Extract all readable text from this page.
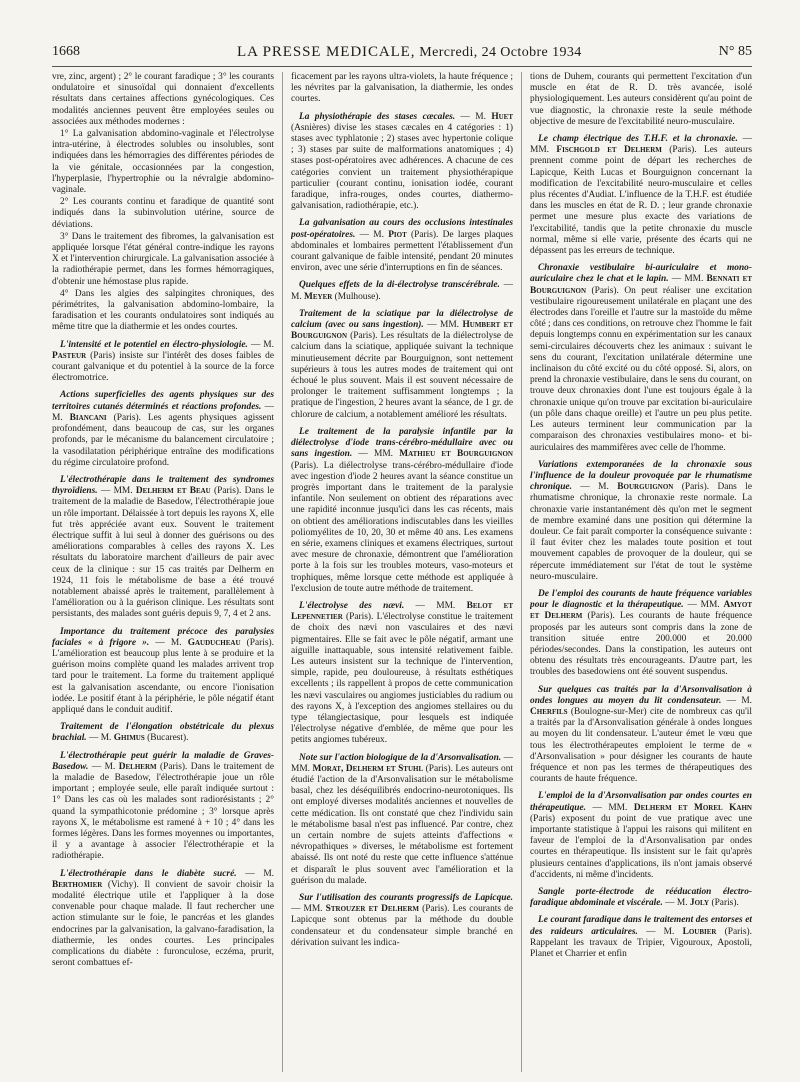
1668	LA PRESSE MEDICALE, Mercredi, 24 Octobre 1934	N° 85

vre, zinc, argent) ; 2° le courant faradique ; 3° les courants ondulatoire et sinusoïdal qui donnaient d'excellents résultats dans certaines affections gynécologiques. Ces modalités anciennes peuvent être employées seules ou associées aux méthodes modernes :

1° La galvanisation abdomino-vaginale et l'électrolyse intra-utérine, à électrodes solubles ou insolubles, sont indiquées dans les hémorragies des différentes périodes de la vie génitale, occasionnées par la congestion, l'hyperplasie, l'hypertrophie ou la névralgie abdomino-vaginale.

2° Les courants continu et faradique de quantité sont indiqués dans la subinvolution utérine, source de déviations.

3° Dans le traitement des fibromes, la galvanisation est appliquée lorsque l'état général contre-indique les rayons X et l'intervention chirurgicale. La galvanisation associée à la radiothérapie permet, dans les formes hémorragiques, d'obtenir une hémostase plus rapide.

4° Dans les algies des salpingites chroniques, des périmétrites, la galvanisation abdomino-lombaire, la faradisation et les courants ondulatoires sont indiqués au même titre que la diathermie et les ondes courtes.

L'intensité et le potentiel en électro-physiologie. — M. Pasteur (Paris) insiste sur l'intérêt des doses faibles de courant galvanique et du potentiel à la source de la force électromotrice.

Actions superficielles des agents physiques sur des territoires cutanés déterminés et réactions profondes. — M. Biancani (Paris). Les agents physiques agissent profondément, dans beaucoup de cas, sur les organes profonds, par le mécanisme du balancement circulatoire ; la vasodilatation périphérique entraîne des modifications du régime circulatoire profond.

L'électrothérapie dans le traitement des syndromes thyroïdiens. — MM. Delherm et Beau (Paris). Dans le traitement de la maladie de Basedow, l'électrothérapie joue un rôle important. Délaissée à tort depuis les rayons X, elle fut très appréciée avant eux. Souvent le traitement électrique suffit à lui seul à donner des guérisons ou des améliorations comparables à celles des rayons X. Les résultats du laboratoire marchent d'ailleurs de pair avec ceux de la clinique : sur 15 cas traités par Delherm en 1924, 11 fois le métabolisme de base a été trouvé notablement abaissé après le traitement, parallèlement à l'amélioration ou à la guérison clinique. Les résultats sont persistants, des malades sont guéris depuis 9, 7, 4 et 2 ans.

Importance du traitement précoce des paralysies faciales « à frigore ». — M. Gauducheau (Paris). L'amélioration est beaucoup plus lente à se produire et la guérison moins complète quand les malades arrivent trop tard pour le traitement. La forme du traitement appliqué est la galvanisation ascendante, ou encore l'ionisation iodée. Le positif étant à la périphérie, le pôle négatif étant appliqué dans le conduit auditif.

Traitement de l'élongation obstétricale du plexus brachial. — M. Ghimus (Bucarest).

L'électrothérapie peut guérir la maladie de Graves-Basedow. — M. Delherm (Paris). Dans le traitement de la maladie de Basedow, l'électrothérapie joue un rôle important ; employée seule, elle paraît indiquée surtout : 1° Dans les cas où les malades sont radiorésistants ; 2° quand la sympathicotonie prédomine ; 3° lorsque après rayons X, le métabolisme est ramené à + 10 ; 4° dans les formes légères. Dans les formes moyennes ou importantes, il y a avantage à associer l'électrothérapie et la radiothérapie.

L'électrothérapie dans le diabète sucré. — M. Berthomier (Vichy). Il convient de savoir choisir la modalité électrique utile et l'appliquer à la dose convenable pour chaque malade. Il faut rechercher une action stimulante sur le foie, le pancréas et les glandes endocrines par la galvanisation, la galvano-faradisation, la diathermie, les ondes courtes. Les principales complications du diabète : furonculose, eczéma, prurit, seront combattues ef-

ficacement par les rayons ultra-violets, la haute fréquence ; les névrites par la galvanisation, la diathermie, les ondes courtes.

La physiothérapie des stases cæcales. — M. Huet (Asnières) divise les stases cæcales en 4 catégories : 1) stases avec typhlatonie ; 2) stases avec hypertonie colique ; 3) stases par suite de malformations anatomiques ; 4) stases post-opératoires avec adhérences. A chacune de ces catégories convient un traitement physiothérapique particulier (courant continu, ionisation iodée, courant faradique, infra-rouges, ondes courtes, diathermo-galvanisation, radiothérapie, etc.).

La galvanisation au cours des occlusions intestinales post-opératoires. — M. Piot (Paris). De larges plaques abdominales et lombaires permettent l'établissement d'un courant galvanique de faible intensité, pendant 20 minutes environ, avec une série d'interruptions en fin de séances.

Quelques effets de la di-électrolyse transcérébrale. — M. Meyer (Mulhouse).

Traitement de la sciatique par la diélectrolyse de calcium (avec ou sans ingestion). — MM. Humbert et Bourguignon (Paris). Les résultats de la diélectrolyse de calcium dans la sciatique, appliquée suivant la technique minutieusement décrite par Bourguignon, sont nettement supérieurs à tous les autres modes de traitement qui ont échoué le plus souvent. Mais il est souvent nécessaire de prolonger le traitement suffisamment longtemps ; la pratique de l'ingestion, 2 heures avant la séance, de 1 gr. de chlorure de calcium, a notablement amélioré les résultats.

Le traitement de la paralysie infantile par la diélectrolyse d'iode trans-cérébro-médullaire avec ou sans ingestion. — MM. Mathieu et Bourguignon (Paris). La diélectrolyse trans-cérébro-médullaire d'iode avec ingestion d'iode 2 heures avant la séance constitue un progrès important dans le traitement de la paralysie infantile. Non seulement on obtient des réparations avec une rapidité inconnue jusqu'ici dans les cas récents, mais on obtient des améliorations indiscutables dans les vieilles poliomyélites de 10, 20, 30 et même 40 ans. Les examens en série, examens cliniques et examens électriques, surtout avec mesure de chronaxie, démontrent que l'amélioration porte à la fois sur les troubles moteurs, vaso-moteurs et trophiques, même lorsque cette méthode est appliquée à l'exclusion de toute autre méthode de traitement.

L'électrolyse des nævi. — MM. Belot et Lepennetier (Paris). L'électrolyse constitue le traitement de choix des nævi non vasculaires et des nævi pigmentaires. Elle se fait avec le pôle négatif, armant une aiguille inattaquable, sous intensité relativement faible. Les auteurs insistent sur la technique de l'intervention, simple, rapide, peu douloureuse, à résultats esthétiques excellents ; ils rappellent à propos de cette communication les nævi vasculaires ou angiomes justiciables du radium ou des rayons X, à l'exception des angiomes stellaires ou du type télangiectasique, pour lesquels est indiquée l'électrolyse négative d'emblée, de même que pour les petits angiomes tubéreux.

Note sur l'action biologique de la d'Arsonvalisation. — MM. Morat, Delherm et Stuhl (Paris). Les auteurs ont étudié l'action de la d'Arsonvalisation sur le métabolisme basal, chez les déséquilibrés endocrino-neurotoniques. Ils ont employé diverses modalités anciennes et nouvelles de cette médication. Ils ont constaté que chez l'individu sain le métabolisme basal n'est pas influencé. Par contre, chez un certain nombre de sujets atteints d'affections « névropathiques » diverses, le métabolisme est fortement abaissé. Ils ont noté du reste que cette influence s'atténue et disparaît le plus souvent avec l'amélioration et la guérison du malade.

Sur l'utilisation des courants progressifs de Lapicque. — MM. Strouzer et Delherm (Paris). Les courants de Lapicque sont obtenus par la méthode du double condensateur et du condensateur simple branché en dérivation suivant les indica-

tions de Duhem, courants qui permettent l'excitation d'un muscle en état de R. D. très avancée, isolé physiologiquement. Les auteurs considèrent qu'au point de vue diagnostic, la chronaxie reste la seule méthode objective de mesure de l'excitabilité neuro-musculaire.

Le champ électrique des T.H.F. et la chronaxie. — MM. Fischgold et Delherm (Paris). Les auteurs prennent comme point de départ les recherches de Lapicque, Keith Lucas et Bourguignon concernant la modification de l'excitabilité neuro-musculaire et celles plus récentes d'Audiat. L'influence de la T.H.F. est étudiée dans les muscles en état de R. D. ; leur grande chronaxie permet une mesure plus exacte des variations de l'excitabilité, tandis que la petite chronaxie du muscle normal, même si elle varie, présente des écarts qui ne dépassent pas les erreurs de technique.

Chronaxie vestibulaire bi-auriculaire et mono-auriculaire chez le chat et le lapin. — MM. Bennati et Bourguignon (Paris). On peut réaliser une excitation vestibulaire rigoureusement unilatérale en plaçant une des électrodes dans l'oreille et l'autre sur la mastoïde du même côté ; dans ces conditions, on retrouve chez l'homme le fait depuis longtemps connu en expérimentation sur les canaux semi-circulaires découverts chez les animaux : suivant le sens du courant, l'excitation unilatérale détermine une inclinaison du côté excité ou du côté opposé. Si, alors, on prend la chronaxie vestibulaire, dans le sens du courant, on trouve deux chronaxies dont l'une est toujours égale à la chronaxie unique qu'on trouve par excitation bi-auriculaire (un pôle dans chaque oreille) et l'autre un peu plus petite. Les auteurs terminent leur communication par la comparaison des chronaxies vestibulaires mono- et bi- auriculaires des mammifères avec celle de l'homme.

Variations extemporanées de la chronaxie sous l'influence de la douleur provoquée par le rhumatisme chronique. — M. Bourguignon (Paris). Dans le rhumatisme chronique, la chronaxie reste normale. La chronaxie varie instantanément dès qu'on met le segment de membre examiné dans une position qui détermine la douleur. Ce fait paraît comporter la conséquence suivante : il faut éviter chez les malades toute position et tout mouvement capables de provoquer de la douleur, qui se répercute immédiatement sur l'état de tout le système neuro-musculaire.

De l'emploi des courants de haute fréquence variables pour le diagnostic et la thérapeutique. — MM. Amyot et Delherm (Paris). Les courants de haute fréquence proposés par les auteurs sont compris dans la zone de transition située entre 200.000 et 20.000 périodes/secondes. Dans la constipation, les auteurs ont obtenu des résultats très encourageants. D'autre part, les troubles des basedowiens ont été souvent suspendus.

Sur quelques cas traités par la d'Arsonvalisation à ondes longues au moyen du lit condensateur. — M. Cherfils (Boulogne-sur-Mer) cite de nombreux cas qu'il a traités par la d'Arsonvalisation générale à ondes longues au moyen du lit condensateur. L'auteur émet le vœu que tous les électrothérapeutes emploient le terme de « d'Arsonvalisation » pour désigner les courants de haute fréquence et non pas les termes de thérapeutiques des courants de haute fréquence.

L'emploi de la d'Arsonvalisation par ondes courtes en thérapeutique. — MM. Delherm et Morel Kahn (Paris) exposent du point de vue pratique avec une importante statistique à l'appui les raisons qui militent en faveur de l'emploi de la d'Arsonvalisation par ondes courtes en thérapeutique. Ils insistent sur le fait qu'après plusieurs centaines d'applications, ils n'ont jamais observé d'accidents, ni même d'incidents.

Sangle porte-électrode de rééducation électro-faradique abdominale et viscérale. — M. Joly (Paris).

Le courant faradique dans le traitement des entorses et des raideurs articulaires. — M. Loubier (Paris). Rappelant les travaux de Tripier, Vigouroux, Apostoli, Planet et Charrier et enfin
